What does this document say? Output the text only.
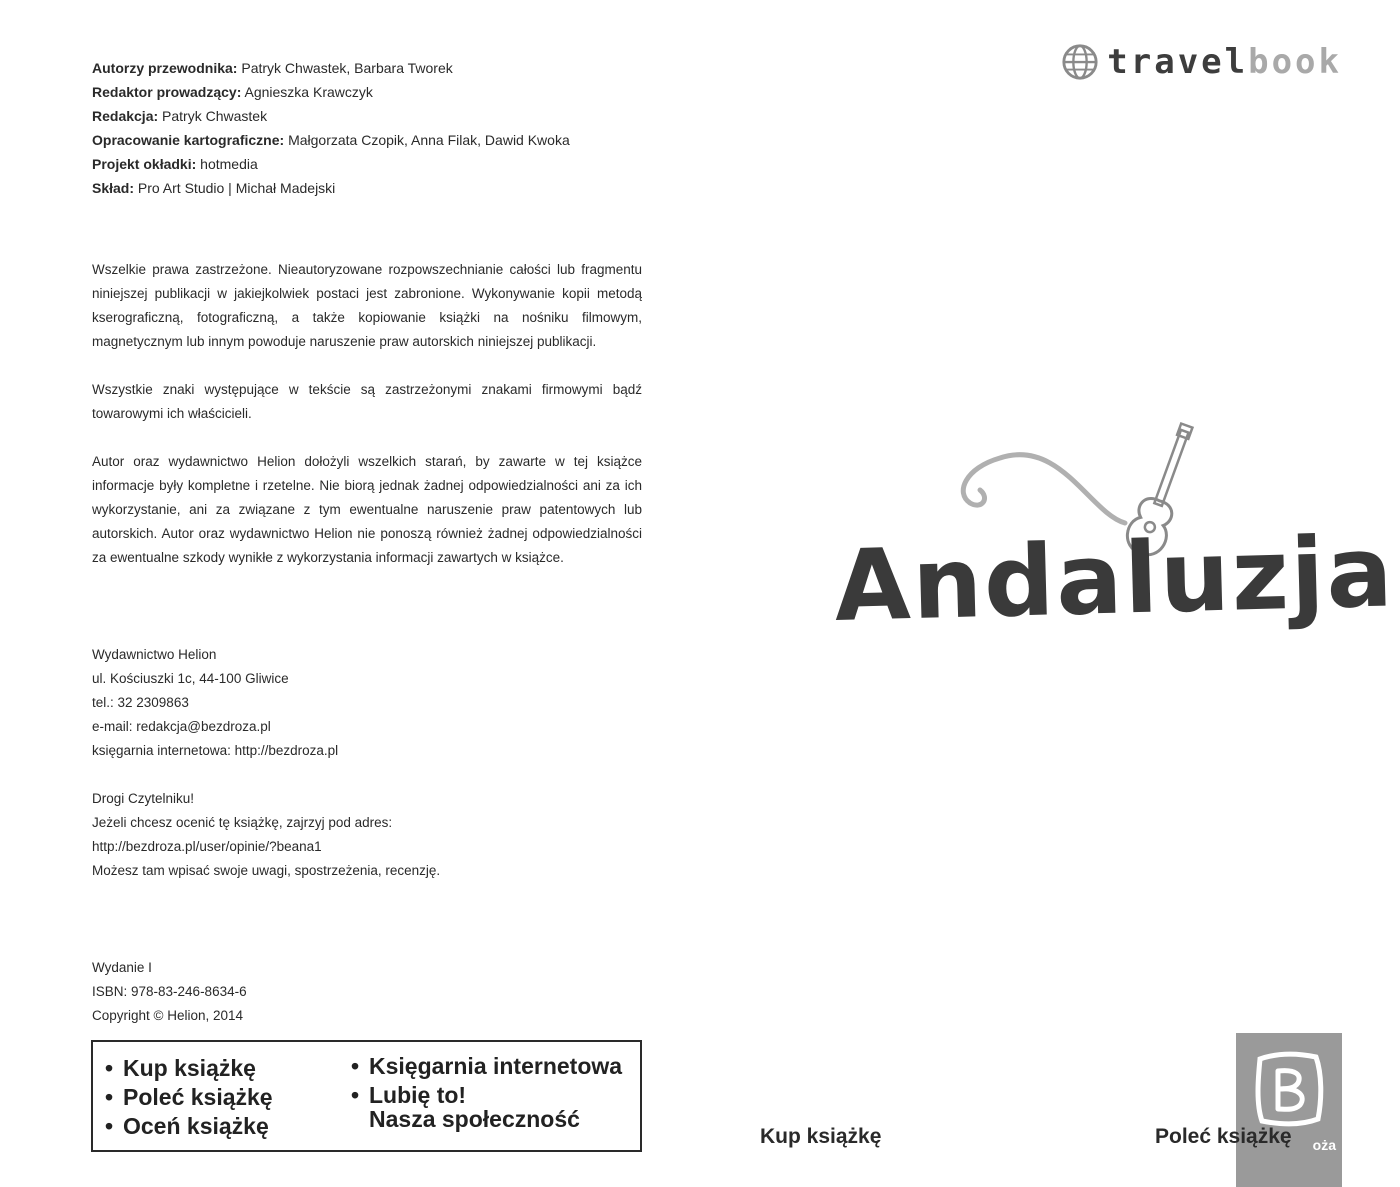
Autorzy przewodnika: Patryk Chwastek, Barbara Tworek
Redaktor prowadzący: Agnieszka Krawczyk
Redakcja: Patryk Chwastek
Opracowanie kartograficzne: Małgorzata Czopik, Anna Filak, Dawid Kwoka
Projekt okładki: hotmedia
Skład: Pro Art Studio | Michał Madejski

Wszelkie prawa zastrzeżone. Nieautoryzowane rozpowszechnianie całości lub fragmentu niniejszej publikacji w jakiejkolwiek postaci jest zabronione. Wykonywanie kopii metodą kserograficzną, fotograficzną, a także kopiowanie książki na nośniku filmowym, magnetycznym lub innym powoduje naruszenie praw autorskich niniejszej publikacji.

Wszystkie znaki występujące w tekście są zastrzeżonymi znakami firmowymi bądź towarowymi ich właścicieli.

Autor oraz wydawnictwo Helion dołożyli wszelkich starań, by zawarte w tej książce informacje były kompletne i rzetelne. Nie biorą jednak żadnej odpowiedzialności ani za ich wykorzystanie, ani za związane z tym ewentualne naruszenie praw patentowych lub autorskich. Autor oraz wydawnictwo Helion nie ponoszą również żadnej odpowiedzialności za ewentualne szkody wynikłe z wykorzystania informacji zawartych w książce.

Wydawnictwo Helion
ul. Kościuszki 1c, 44-100 Gliwice
tel.: 32 2309863
e-mail: redakcja@bezdroza.pl
księgarnia internetowa: http://bezdroza.pl
Drogi Czytelniku!
Jeżeli chcesz ocenić tę książkę, zajrzyj pod adres:
http://bezdroza.pl/user/opinie/?beana1
Możesz tam wpisać swoje uwagi, spostrzeżenia, recenzję.
Wydanie I
ISBN: 978-83-246-8634-6
Copyright © Helion, 2014
• Kup książkę
• Poleć książkę
• Oceń książkę
• Księgarnia internetowa
• Lubię to!
Nasza społeczność
travelbook
Andaluzja
Kup książkę	ożа
Poleć książkę
